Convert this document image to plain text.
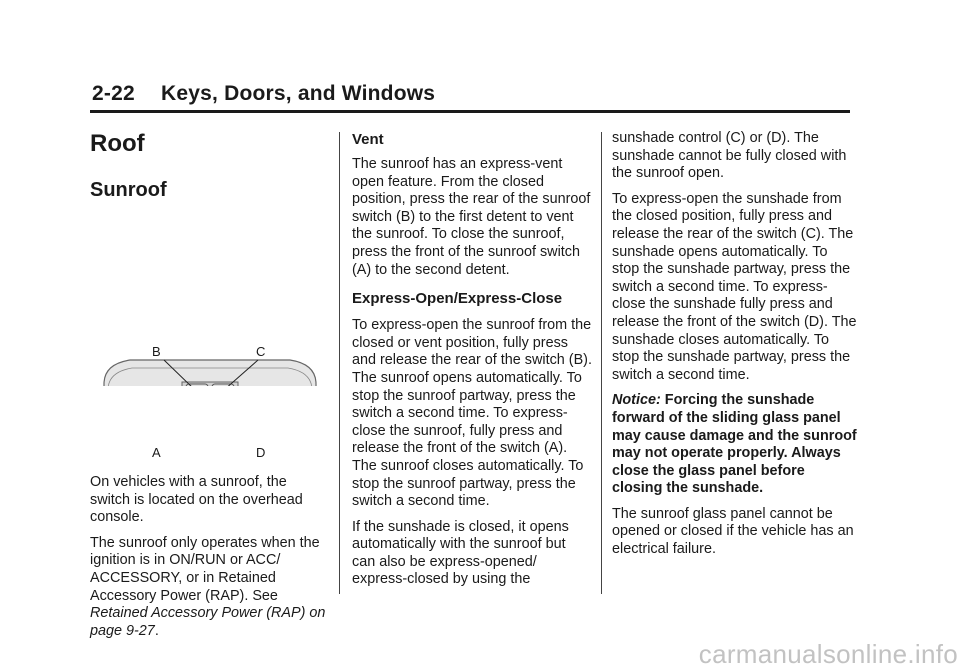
2-22 Keys, Doors, and Windows
Roof
Sunroof
B	C
A	D

On vehicles with a sunroof, the switch is located on the overhead console.

The sunroof only operates when the ignition is in ON/RUN or ACC/ ACCESSORY, or in Retained Accessory Power (RAP). See Retained Accessory Power (RAP) on page 9-27.

Vent

The sunroof has an express-vent open feature. From the closed position, press the rear of the sunroof switch (B) to the first detent to vent the sunroof. To close the sunroof, press the front of the sunroof switch (A) to the second detent.

Express-Open/Express-Close

To express-open the sunroof from the closed or vent position, fully press and release the rear of the switch (B). The sunroof opens automatically. To stop the sunroof partway, press the switch a second time. To express-close the sunroof, fully press and release the front of the switch (A). The sunroof closes automatically. To stop the sunroof partway, press the switch a second time.

If the sunshade is closed, it opens automatically with the sunroof but can also be express-opened/ express-closed by using the

sunshade control (C) or (D). The sunshade cannot be fully closed with the sunroof open.

To express-open the sunshade from the closed position, fully press and release the rear of the switch (C). The sunshade opens automatically. To stop the sunshade partway, press the switch a second time. To express-close the sunshade fully press and release the front of the switch (D). The sunshade closes automatically. To stop the sunshade partway, press the switch a second time.

Notice: Forcing the sunshade forward of the sliding glass panel may cause damage and the sunroof may not operate properly. Always close the glass panel before closing the sunshade.

The sunroof glass panel cannot be opened or closed if the vehicle has an electrical failure.

carmanualsonline.info
